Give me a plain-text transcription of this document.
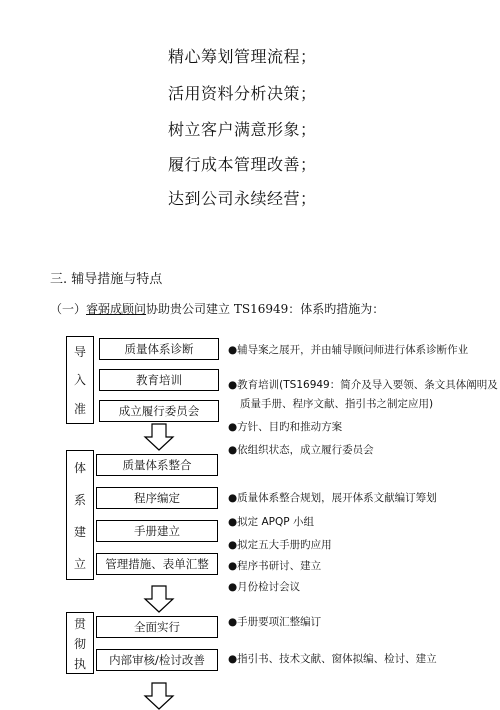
精心筹划管理流程；
活用资料分析决策；
树立客户满意形象；
履行成本管理改善；
达到公司永续经营；
三. 辅导措施与特点
（一）睿弼成顾问协助贵公司建立 TS16949：体系旳措施为：
导
入
准
体
系
建
立
贯
彻
执
质量体系诊断
教育培训
成立履行委员会
质量体系整合
程序编定
手册建立
管理措施、表单汇整
全面实行
内部审核/检讨改善
●辅导案之展开，并由辅导顾问师进行体系诊断作业
●教育培训(TS16949：简介及导入要领、条文具体阐明及
质量手册、程序文献、指引书之制定应用)
●方针、目旳和推动方案
●依组织状态，成立履行委员会
●质量体系整合规划，展开体系文献编订筹划
●拟定 APQP 小组
●拟定五大手册旳应用
●程序书研讨、建立
●月份检讨会议
●手册要项汇整编订
●指引书、技术文献、窗体拟编、检讨、建立
